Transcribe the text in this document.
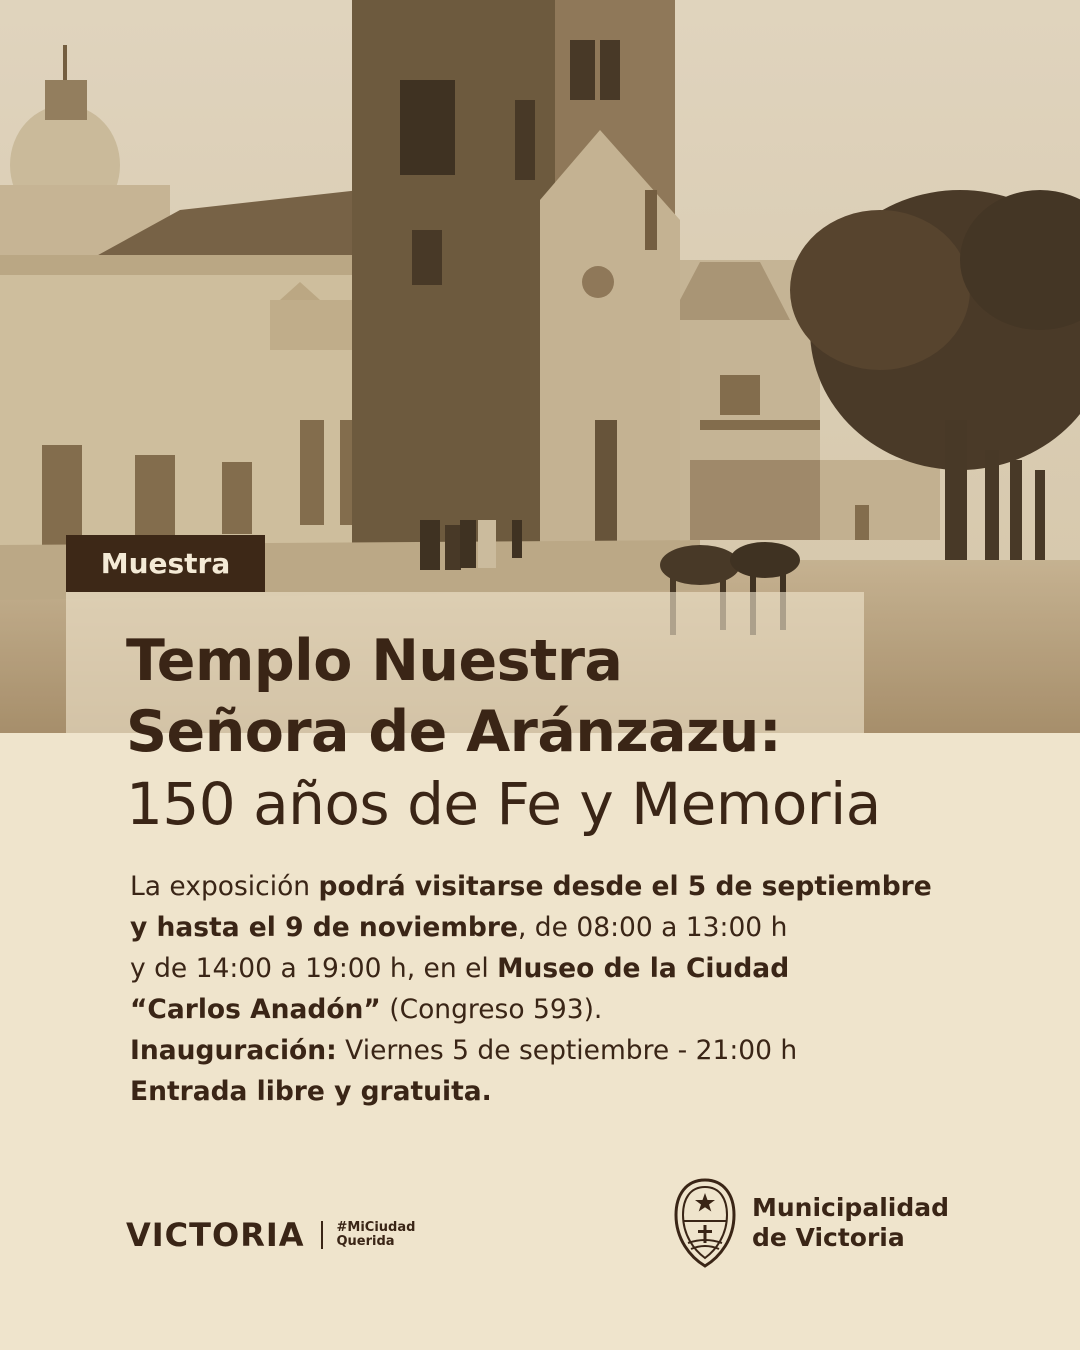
Muestra
Templo Nuestra
Señora de Aránzazu:
150 años de Fe y Memoria
La exposición podrá visitarse desde el 5 de septiembre
y hasta el 9 de noviembre, de 08:00 a 13:00 h
y de 14:00 a 19:00 h, en el Museo de la Ciudad
“Carlos Anadón” (Congreso 593).
Inauguración: Viernes 5 de septiembre - 21:00 h
Entrada libre y gratuita.
VICTORIA #MiCiudad
Querida
Municipalidad
de Victoria
